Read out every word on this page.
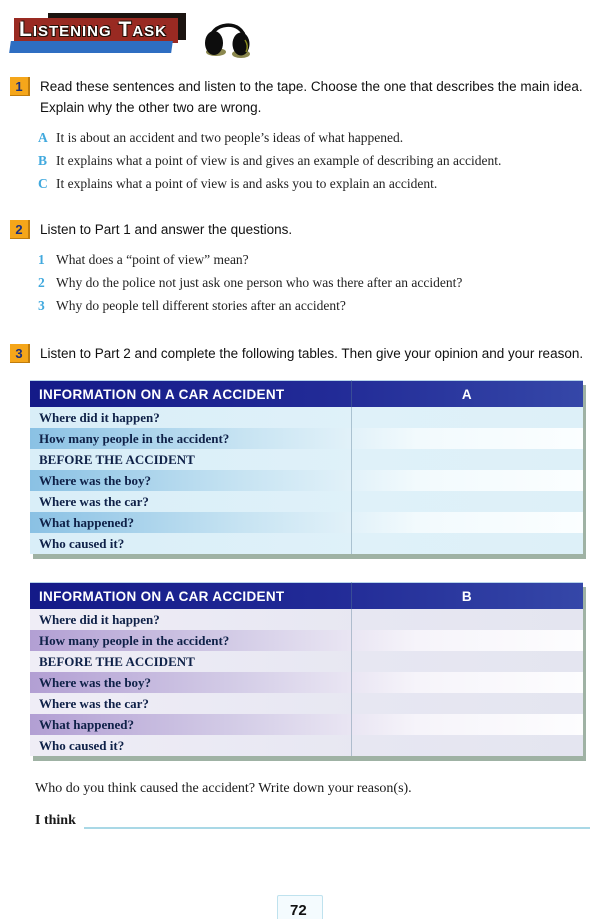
Listening Task
1	Read these sentences and listen to the tape. Choose the one that describes the main idea. Explain why the other two are wrong.
A It is about an accident and two people’s ideas of what happened.
B It explains what a point of view is and gives an example of describing an accident.
C It explains what a point of view is and asks you to explain an accident.
2	Listen to Part 1 and answer the questions.
1 What does a “point of view” mean?
2 Why do the police not just ask one person who was there after an accident?
3 Why do people tell different stories after an accident?
3	Listen to Part 2 and complete the following tables. Then give your opinion and your reason.
INFORMATION ON A CAR ACCIDENT	A
Where did it happen?
How many people in the accident?
BEFORE THE ACCIDENT
Where was the boy?
Where was the car?
What happened?
Who caused it?
INFORMATION ON A CAR ACCIDENT	B
Where did it happen?
How many people in the accident?
BEFORE THE ACCIDENT
Where was the boy?
Where was the car?
What happened?
Who caused it?
Who do you think caused the accident? Write down your reason(s).
I think
72
